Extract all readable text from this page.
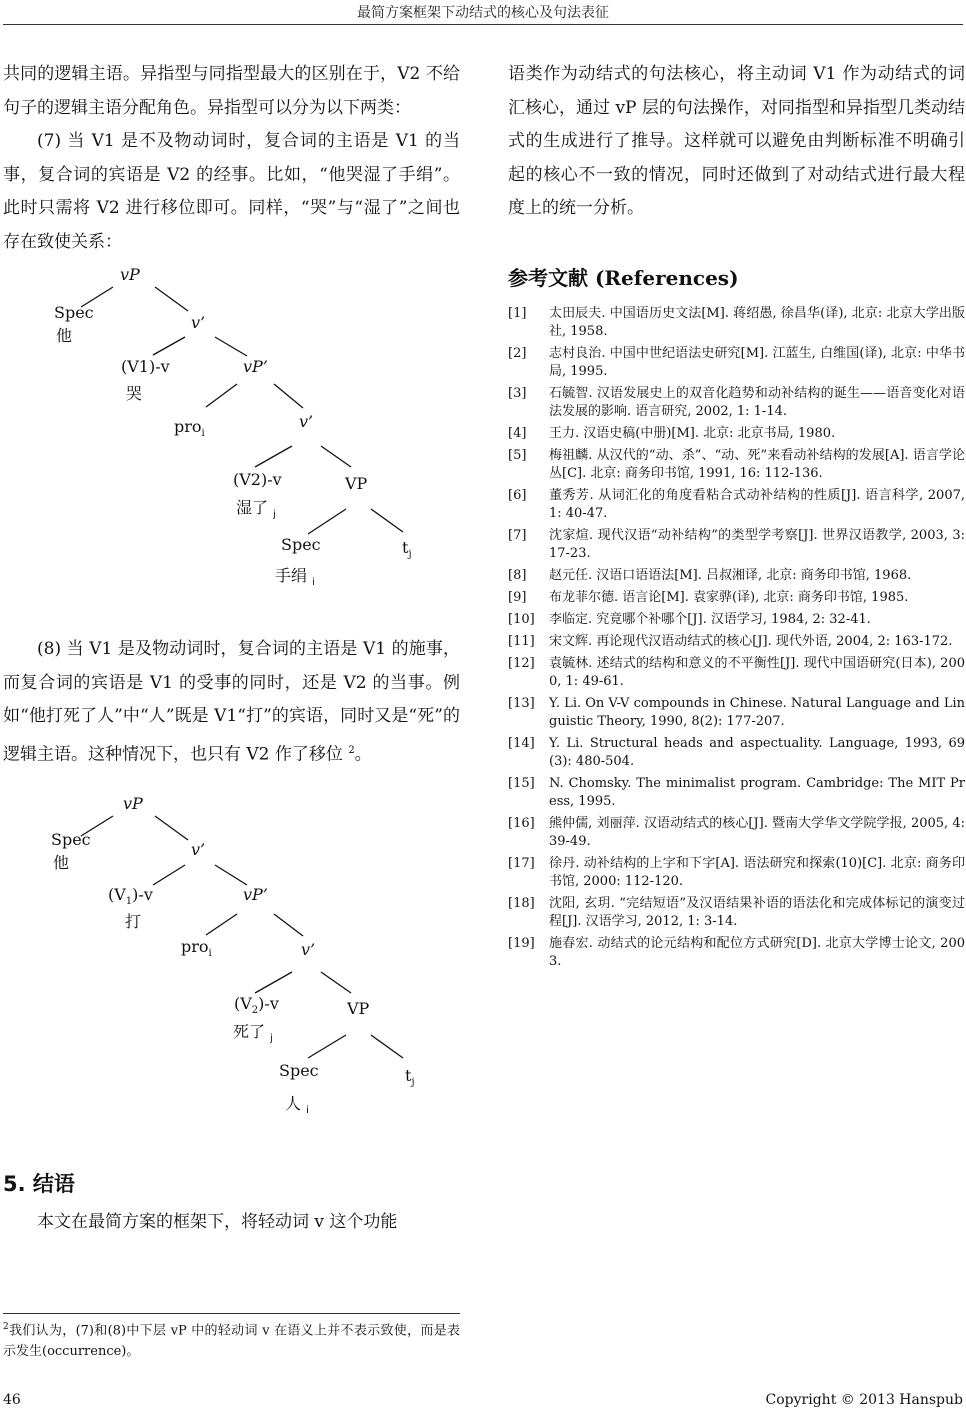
最简方案框架下动结式的核心及句法表征

共同的逻辑主语。异指型与同指型最大的区别在于，V2 不给句子的逻辑主语分配角色。异指型可以分为以下两类：

(7) 当 V1 是不及物动词时，复合词的主语是 V1 的当事，复合词的宾语是 V2 的经事。比如，“他哭湿了手绢”。此时只需将 V2 进行移位即可。同样，“哭”与“湿了”之间也存在致使关系：

vP
Spec
他
v’
(V1)-v
哭
vP’
pro$_i$
v’
(V2)-v
湿了 $_j$
VP
Spec	$t_j$
手绢 $_i$

(8) 当 V1 是及物动词时，复合词的主语是 V1 的施事，而复合词的宾语是 V1 的受事的同时，还是 V2 的当事。例如“他打死了人”中“人”既是 V1“打”的宾语，同时又是“死”的逻辑主语。这种情况下，也只有 V2 作了移位 $^2$。

vP
Spec
他
v’
$(V_1)-v$
打
vP’
pro$_i$	v’
$(V_2)-v$
死了 $_j$
VP
Spec	$t_j$
人 $_i$
5. 结语

本文在最简方案的框架下，将轻动词 v 这个功能

语类作为动结式的句法核心，将主动词 V1 作为动结式的词汇核心，通过 vP 层的句法操作，对同指型和异指型几类动结式的生成进行了推导。这样就可以避免由判断标准不明确引起的核心不一致的情况，同时还做到了对动结式进行最大程度上的统一分析。

参考文献 (References)
[1] 太田辰夫. 中国语历史文法[M]. 蒋绍愚, 徐昌华(译), 北京: 北京大学出版社, 1958.
[2] 志村良治. 中国中世纪语法史研究[M]. 江蓝生, 白维国(译), 北京: 中华书局, 1995.
[3] 石毓智. 汉语发展史上的双音化趋势和动补结构的诞生——语音变化对语法发展的影响. 语言研究, 2002, 1: 1-14.
[4] 王力. 汉语史稿(中册)[M]. 北京: 北京书局, 1980.
[5] 梅祖麟. 从汉代的“动、杀”、“动、死”来看动补结构的发展[A]. 语言学论丛[C]. 北京: 商务印书馆, 1991, 16: 112-136.
[6] 董秀芳. 从词汇化的角度看粘合式动补结构的性质[J]. 语言科学, 2007, 1: 40-47.
[7] 沈家煊. 现代汉语“动补结构”的类型学考察[J]. 世界汉语教学, 2003, 3: 17-23.
[8] 赵元任. 汉语口语语法[M]. 吕叔湘译, 北京: 商务印书馆, 1968.
[9] 布龙菲尔德. 语言论[M]. 袁家骅(译), 北京: 商务印书馆, 1985.
[10] 李临定. 究竟哪个补哪个[J]. 汉语学习, 1984, 2: 32-41.
[11] 宋文辉. 再论现代汉语动结式的核心[J]. 现代外语, 2004, 2: 163-172.
[12] 袁毓林. 述结式的结构和意义的不平衡性[J]. 现代中国语研究(日本), 2000, 1: 49-61.
[13] Y. Li. On V-V compounds in Chinese. Natural Language and Linguistic Theory, 1990, 8(2): 177-207.
[14] Y. Li. Structural heads and aspectuality. Language, 1993, 69(3): 480-504.
[15] N. Chomsky. The minimalist program. Cambridge: The MIT Press, 1995.
[16] 熊仲儒, 刘丽萍. 汉语动结式的核心[J]. 暨南大学华文学院学报, 2005, 4: 39-49.
[17] 徐丹. 动补结构的上字和下字[A]. 语法研究和探索(10)[C]. 北京: 商务印书馆, 2000: 112-120.
[18] 沈阳, 玄玥. “完结短语”及汉语结果补语的语法化和完成体标记的演变过程[J]. 汉语学习, 2012, 1: 3-14.
[19] 施春宏. 动结式的论元结构和配位方式研究[D]. 北京大学博士论文, 2003.
$^2$我们认为，(7)和(8)中下层 vP 中的轻动词 v 在语义上并不表示致使，而是表示发生(occurrence)。
46	Copyright © 2013 Hanspub
